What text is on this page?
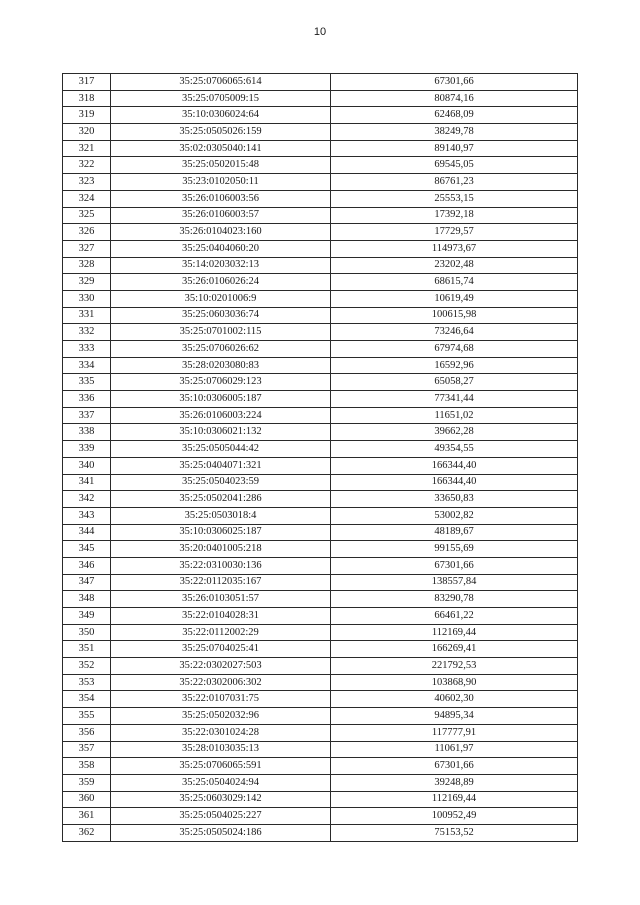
10
317	35:25:0706065:614	67301,66
318	35:25:0705009:15	80874,16
319	35:10:0306024:64	62468,09
320	35:25:0505026:159	38249,78
321	35:02:0305040:141	89140,97
322	35:25:0502015:48	69545,05
323	35:23:0102050:11	86761,23
324	35:26:0106003:56	25553,15
325	35:26:0106003:57	17392,18
326	35:26:0104023:160	17729,57
327	35:25:0404060:20	114973,67
328	35:14:0203032:13	23202,48
329	35:26:0106026:24	68615,74
330	35:10:0201006:9	10619,49
331	35:25:0603036:74	100615,98
332	35:25:0701002:115	73246,64
333	35:25:0706026:62	67974,68
334	35:28:0203080:83	16592,96
335	35:25:0706029:123	65058,27
336	35:10:0306005:187	77341,44
337	35:26:0106003:224	11651,02
338	35:10:0306021:132	39662,28
339	35:25:0505044:42	49354,55
340	35:25:0404071:321	166344,40
341	35:25:0504023:59	166344,40
342	35:25:0502041:286	33650,83
343	35:25:0503018:4	53002,82
344	35:10:0306025:187	48189,67
345	35:20:0401005:218	99155,69
346	35:22:0310030:136	67301,66
347	35:22:0112035:167	138557,84
348	35:26:0103051:57	83290,78
349	35:22:0104028:31	66461,22
350	35:22:0112002:29	112169,44
351	35:25:0704025:41	166269,41
352	35:22:0302027:503	221792,53
353	35:22:0302006:302	103868,90
354	35:22:0107031:75	40602,30
355	35:25:0502032:96	94895,34
356	35:22:0301024:28	117777,91
357	35:28:0103035:13	11061,97
358	35:25:0706065:591	67301,66
359	35:25:0504024:94	39248,89
360	35:25:0603029:142	112169,44
361	35:25:0504025:227	100952,49
362	35:25:0505024:186	75153,52
